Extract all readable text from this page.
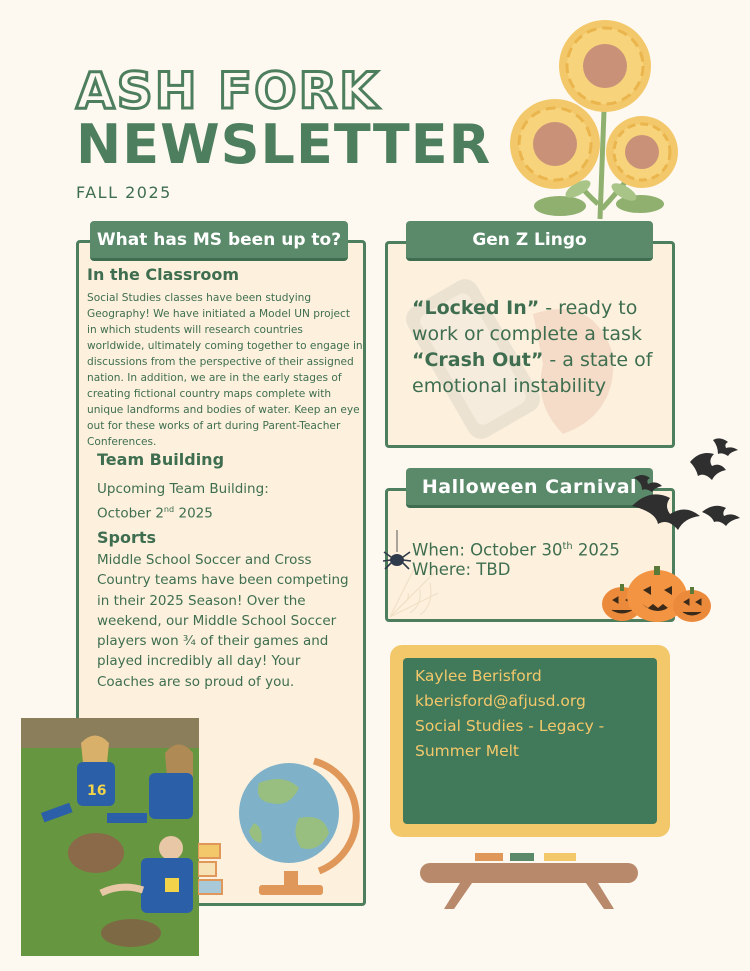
ASH FORK
NEWSLETTER
FALL 2025
In the Classroom
Social Studies classes have been studying Geography! We have initiated a Model UN project in which students will research countries worldwide, ultimately coming together to engage in discussions from the perspective of their assigned nation. In addition, we are in the early stages of creating fictional country maps complete with unique landforms and bodies of water. Keep an eye out for these works of art during Parent-Teacher Conferences.
Team Building
Upcoming Team Building:
October 2nd 2025
Sports
Middle School Soccer and Cross Country teams have been competing in their 2025 Season! Over the weekend, our Middle School Soccer players won ¾ of their games and played incredibly all day! Your Coaches are so proud of you.
What has MS been up to?
16
“Locked In” - ready to work or complete a task
“Crash Out” - a state of emotional instability
Gen Z Lingo
When: October 30th 2025
Where: TBD
Halloween Carnival
Kaylee Berisford
kberisford@afjusd.org
Social Studies - Legacy -
Summer Melt
